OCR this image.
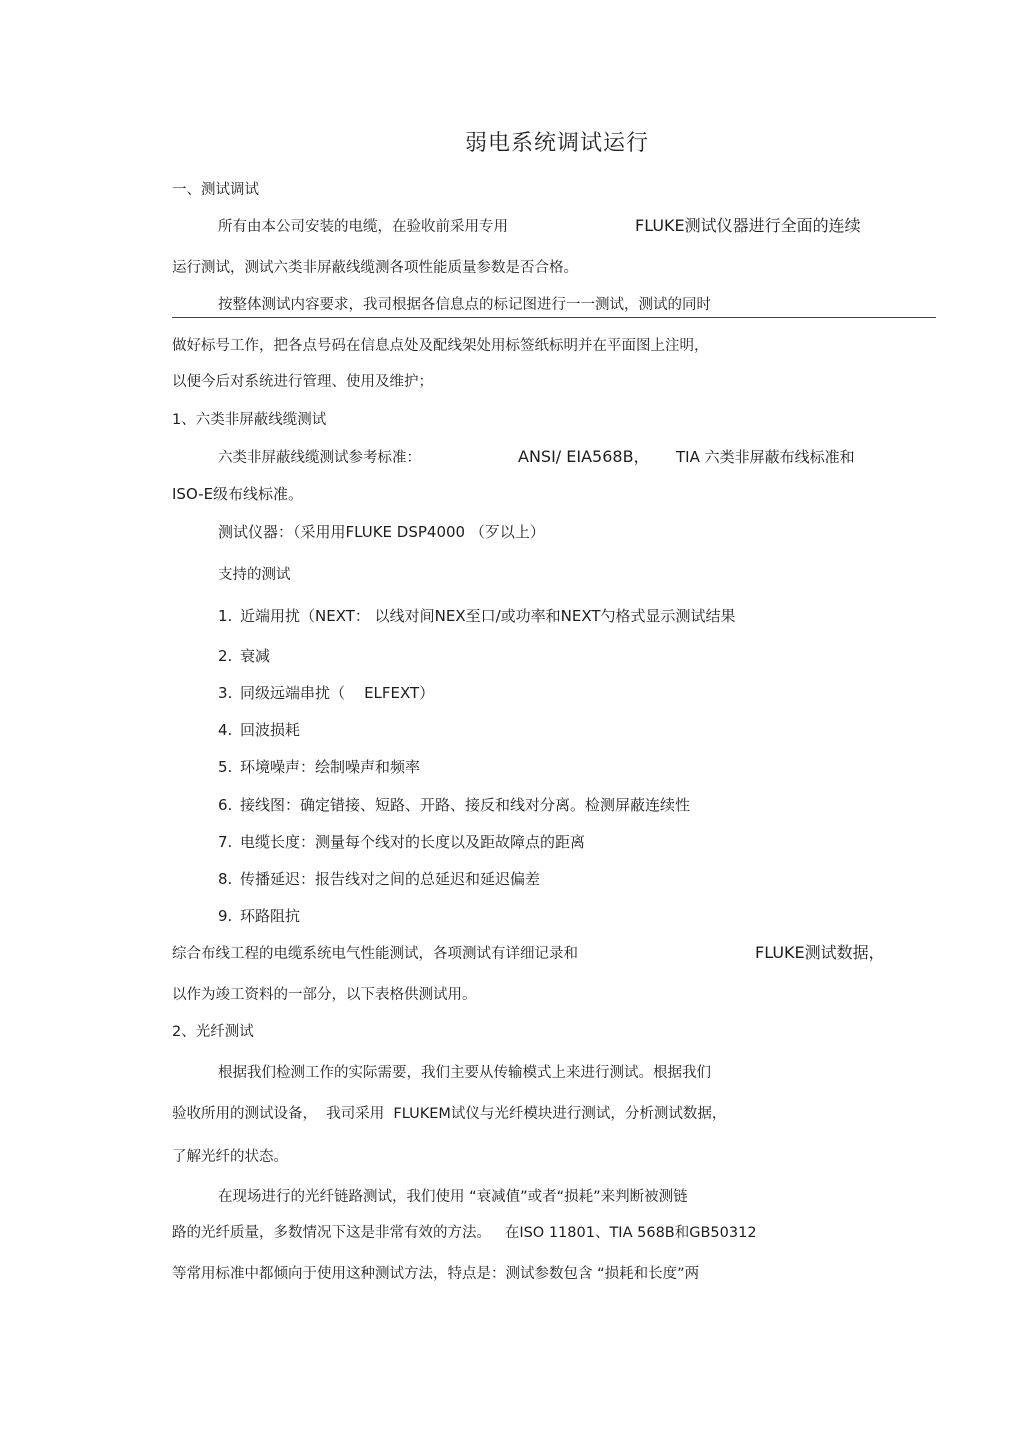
弱电系统调试运行
一、测试调试
所有由本公司安装的电缆，在验收前采用专用	FLUKE测试仪器进行全面的连续
运行测试，测试六类非屏蔽线缆测各项性能质量参数是否合格。
按整体测试内容要求，我司根据各信息点的标记图进行一一测试，测试的同时
做好标号工作，把各点号码在信息点处及配线架处用标签纸标明并在平面图上注明，
以便今后对系统进行管理、使用及维护；
1、六类非屏蔽线缆测试
六类非屏蔽线缆测试参考标准：	ANSI/ EIA568B， TIA 六类非屏蔽布线标准和
ISO-E级布线标准。
测试仪器：（采用用FLUKE DSP4000 （歹以上）
支持的测试
1. 近端用扰（NEXT： 以线对间NEX至口/或功率和NEXT勺格式显示测试结果
2. 衰减
3. 同级远端串扰（    ELFEXT）
4. 回波损耗
5. 环境噪声：绘制噪声和频率
6. 接线图：确定错接、短路、开路、接反和线对分离。检测屏蔽连续性
7. 电缆长度：测量每个线对的长度以及距故障点的距离
8. 传播延迟：报告线对之间的总延迟和延迟偏差
9. 环路阻抗
综合布线工程的电缆系统电气性能测试，各项测试有详细记录和	FLUKE测试数据，
以作为竣工资料的一部分，以下表格供测试用。
2、光纤测试
根据我们检测工作的实际需要，我们主要从传输模式上来进行测试。根据我们
验收所用的测试设备，  我司采用  FLUKEM试仪与光纤模块进行测试，分析测试数据，
了解光纤的状态。
在现场进行的光纤链路测试，我们使用 “衰减值”或者“损耗”来判断被测链
路的光纤质量，多数情况下这是非常有效的方法。   在ISO 11801、TIA 568B和GB50312
等常用标准中都倾向于使用这种测试方法，特点是：测试参数包含 “损耗和长度”两
